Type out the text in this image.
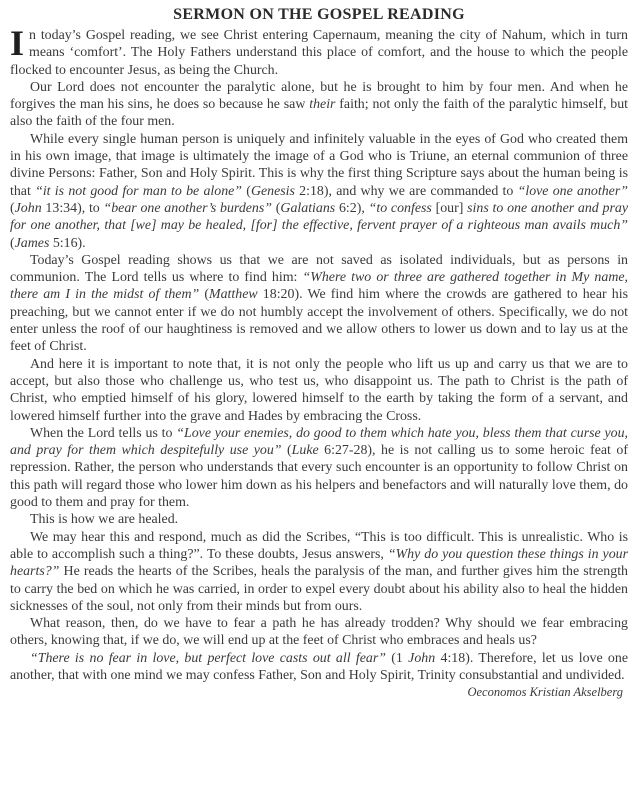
SERMON ON THE GOSPEL READING

In today’s Gospel reading, we see Christ entering Capernaum, meaning the city of Nahum, which in turn means ‘comfort’. The Holy Fathers understand this place of comfort, and the house to which the people flocked to encounter Jesus, as being the Church.

Our Lord does not encounter the paralytic alone, but he is brought to him by four men. And when he forgives the man his sins, he does so because he saw their faith; not only the faith of the paralytic himself, but also the faith of the four men.

While every single human person is uniquely and infinitely valuable in the eyes of God who created them in his own image, that image is ultimately the image of a God who is Triune, an eternal communion of three divine Persons: Father, Son and Holy Spirit. This is why the first thing Scripture says about the human being is that “it is not good for man to be alone” (Genesis 2:18), and why we are commanded to “love one another” (John 13:34), to “bear one another’s burdens” (Galatians 6:2), “to confess [our] sins to one another and pray for one another, that [we] may be healed, [for] the effective, fervent prayer of a righteous man avails much” (James 5:16).

Today’s Gospel reading shows us that we are not saved as isolated individuals, but as persons in communion. The Lord tells us where to find him: “Where two or three are gathered together in My name, there am I in the midst of them” (Matthew 18:20). We find him where the crowds are gathered to hear his preaching, but we cannot enter if we do not humbly accept the involvement of others. Specifically, we do not enter unless the roof of our haughtiness is removed and we allow others to lower us down and to lay us at the feet of Christ.

And here it is important to note that, it is not only the people who lift us up and carry us that we are to accept, but also those who challenge us, who test us, who disappoint us. The path to Christ is the path of Christ, who emptied himself of his glory, lowered himself to the earth by taking the form of a servant, and lowered himself further into the grave and Hades by embracing the Cross.

When the Lord tells us to “Love your enemies, do good to them which hate you, bless them that curse you, and pray for them which despitefully use you” (Luke 6:27-28), he is not calling us to some heroic feat of repression. Rather, the person who understands that every such encounter is an opportunity to follow Christ on this path will regard those who lower him down as his helpers and benefactors and will naturally love them, do good to them and pray for them.

This is how we are healed.

We may hear this and respond, much as did the Scribes, “This is too difficult. This is unrealistic. Who is able to accomplish such a thing?”. To these doubts, Jesus answers, “Why do you question these things in your hearts?” He reads the hearts of the Scribes, heals the paralysis of the man, and further gives him the strength to carry the bed on which he was carried, in order to expel every doubt about his ability also to heal the hidden sicknesses of the soul, not only from their minds but from ours.

What reason, then, do we have to fear a path he has already trodden? Why should we fear embracing others, knowing that, if we do, we will end up at the feet of Christ who embraces and heals us?

“There is no fear in love, but perfect love casts out all fear” (1 John 4:18). Therefore, let us love one another, that with one mind we may confess Father, Son and Holy Spirit, Trinity consubstantial and undivided.

Oeconomos Kristian Akselberg
